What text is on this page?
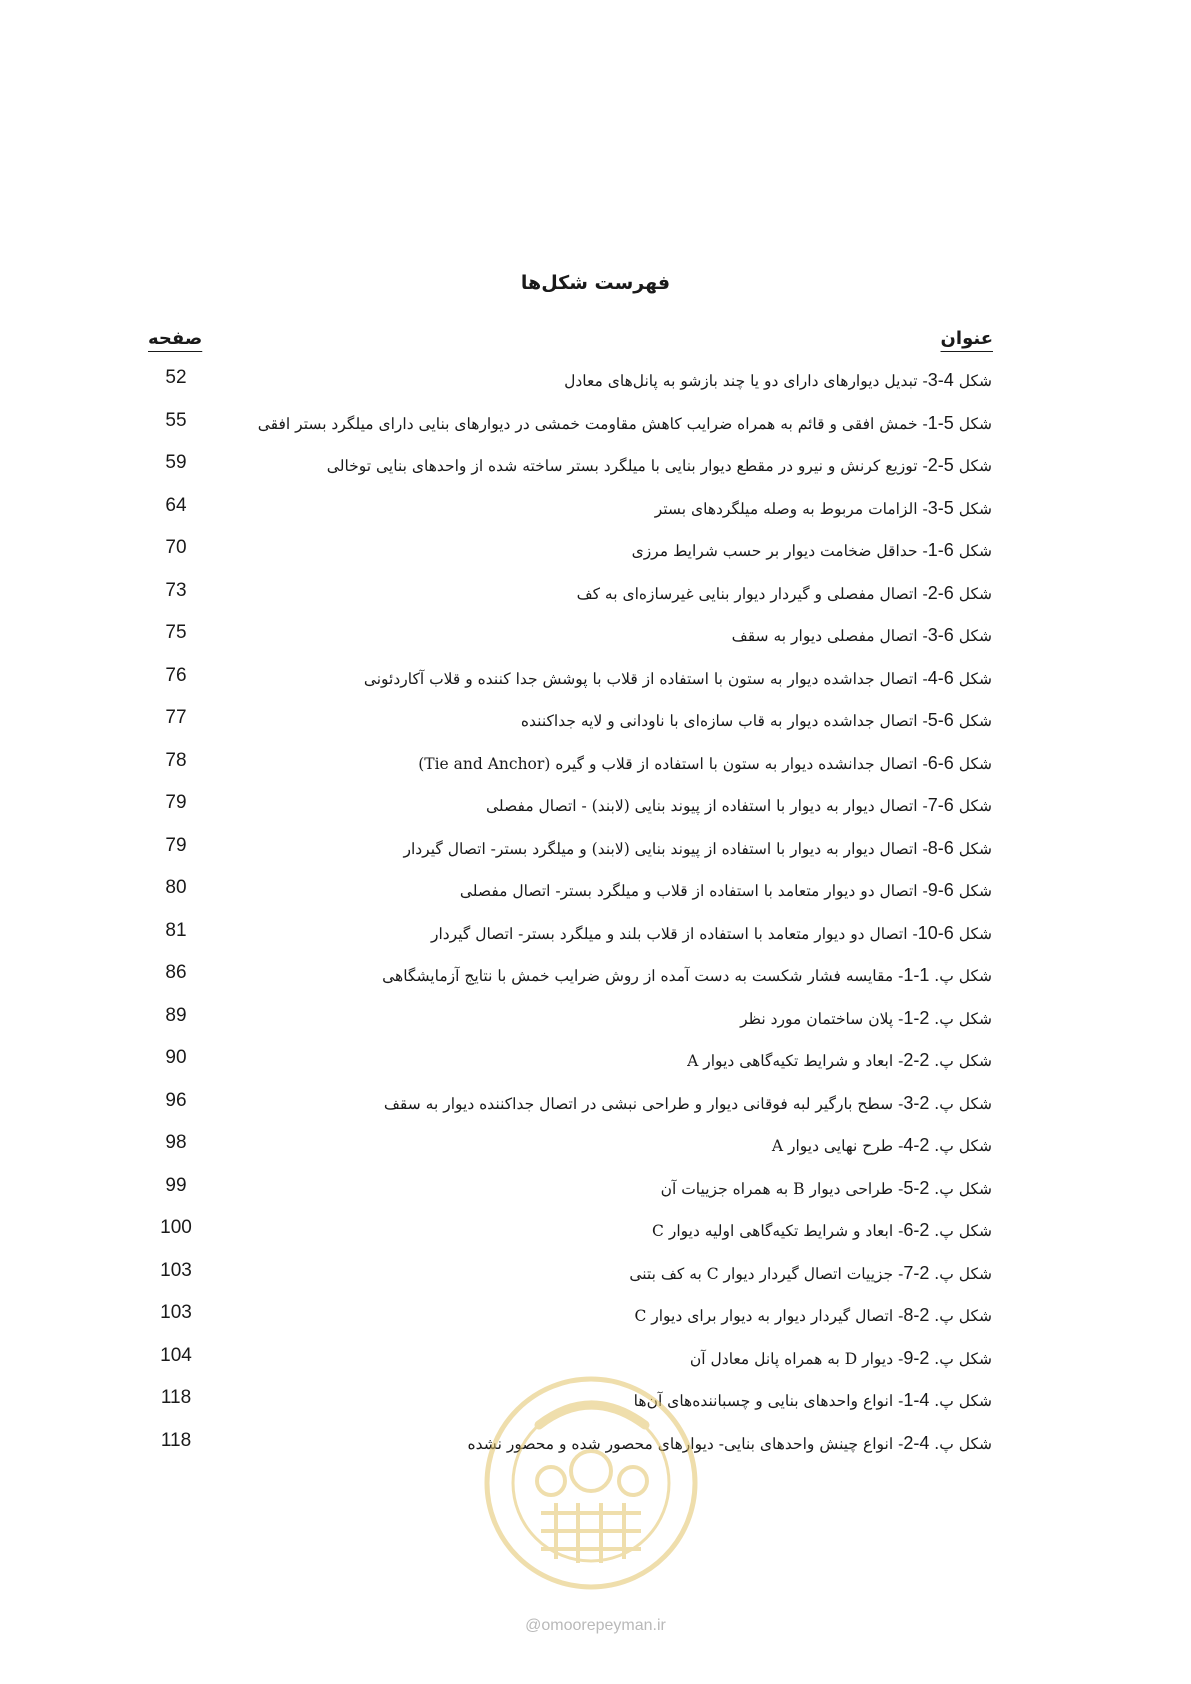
فهرست شکل‌ها
عنوان
صفحه
شکل 3-4- تبدیل دیوارهای دارای دو یا چند بازشو به پانل‌های معادل
52
شکل 1-5- خمش افقی و قائم به همراه ضرایب کاهش مقاومت خمشی در دیوارهای بنایی دارای میلگرد بستر افقی
55
شکل 2-5- توزیع کرنش و نیرو در مقطع دیوار بنایی با میلگرد بستر ساخته شده از واحدهای بنایی توخالی
59
شکل 3-5- الزامات مربوط به وصله میلگردهای بستر
64
شکل 1-6- حداقل ضخامت دیوار بر حسب شرایط مرزی
70
شکل 2-6- اتصال مفصلی و گیردار دیوار بنایی غیرسازه‌ای به کف
73
شکل 3-6- اتصال مفصلی دیوار به سقف
75
شکل 4-6- اتصال جداشده دیوار به ستون با استفاده از قلاب با پوشش جدا کننده و قلاب آکاردئونی
76
شکل 5-6- اتصال جداشده دیوار به قاب سازه‌ای با ناودانی و لایه جداکننده
77
شکل 6-6- اتصال جدانشده دیوار به ستون با استفاده از قلاب و گیره (Tie and Anchor)
78
شکل 7-6- اتصال دیوار به دیوار با استفاده از پیوند بنایی (لابند) - اتصال مفصلی
79
شکل 8-6- اتصال دیوار به دیوار با استفاده از پیوند بنایی (لابند) و میلگرد بستر- اتصال گیردار
79
شکل 9-6- اتصال دو دیوار متعامد با استفاده از قلاب و میلگرد بستر- اتصال مفصلی
80
شکل 10-6- اتصال دو دیوار متعامد با استفاده از قلاب بلند و میلگرد بستر- اتصال گیردار
81
شکل پ. 1-1- مقایسه فشار شکست به دست آمده از روش ضرایب خمش با نتایج آزمایشگاهی
86
شکل پ. 1-2- پلان ساختمان مورد نظر
89
شکل پ. 2-2- ابعاد و شرایط تکیه‌گاهی دیوار A
90
شکل پ. 3-2- سطح بارگیر لبه فوقانی دیوار و طراحی نبشی در اتصال جداکننده دیوار به سقف
96
شکل پ. 4-2- طرح نهایی دیوار A
98
شکل پ. 5-2- طراحی دیوار B به همراه جزییات آن
99
شکل پ. 6-2- ابعاد و شرایط تکیه‌گاهی اولیه دیوار C
100
شکل پ. 7-2- جزییات اتصال گیردار دیوار C به کف بتنی
103
شکل پ. 8-2- اتصال گیردار دیوار به دیوار برای دیوار C
103
شکل پ. 9-2- دیوار D به همراه پانل معادل آن
104
شکل پ. 1-4- انواع واحدهای بنایی و چسباننده‌های آن‌ها
118
شکل پ. 2-4- انواع چینش واحدهای بنایی- دیوارهای محصور شده و محصور نشده
118
@omoorepeyman.ir
